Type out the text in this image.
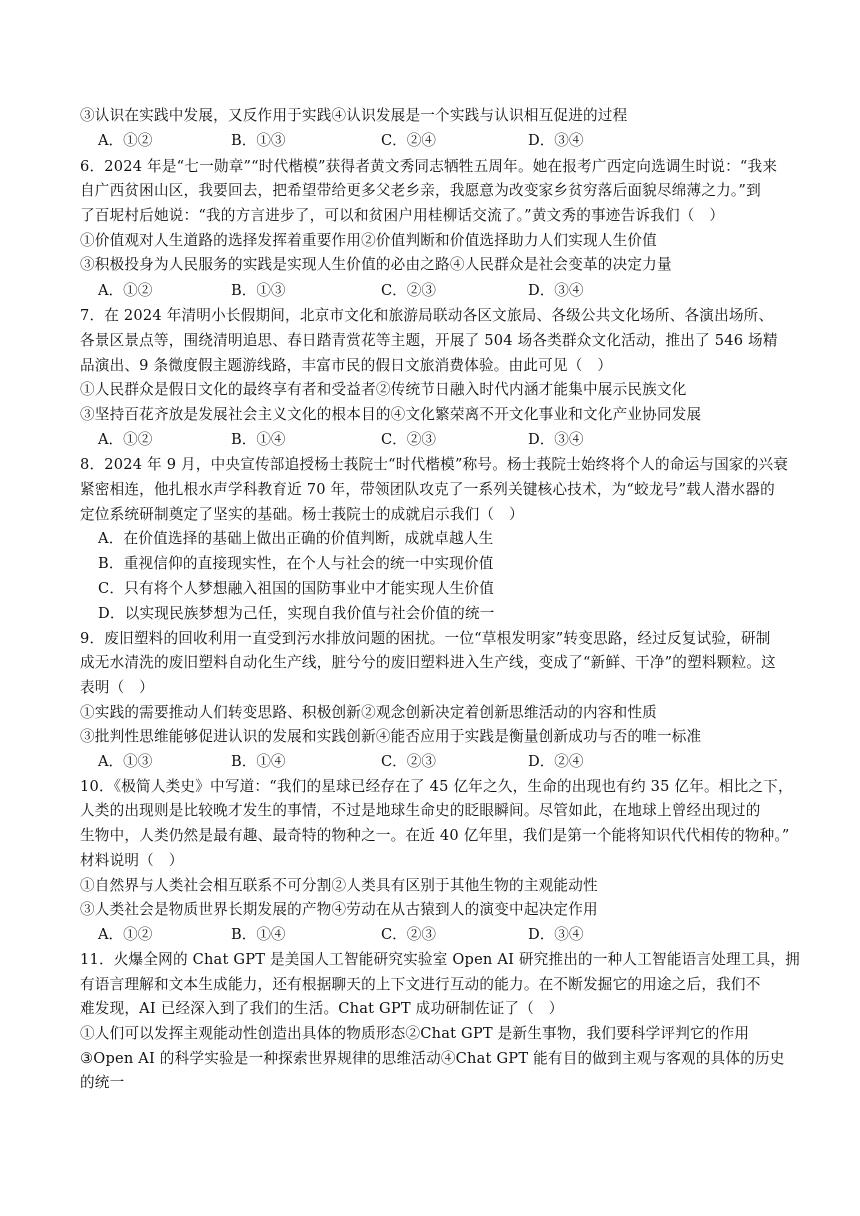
③认识在实践中发展，又反作用于实践④认识发展是一个实践与认识相互促进的过程
A．①②	B．①③	C．②④	D．③④
6．2024 年是“七一勋章”“时代楷模”获得者黄文秀同志牺牲五周年。她在报考广西定向选调生时说：“我来
自广西贫困山区，我要回去，把希望带给更多父老乡亲，我愿意为改变家乡贫穷落后面貌尽绵薄之力。”到
了百坭村后她说：“我的方言进步了，可以和贫困户用桂柳话交流了。”黄文秀的事迹告诉我们（　）
①价值观对人生道路的选择发挥着重要作用②价值判断和价值选择助力人们实现人生价值
③积极投身为人民服务的实践是实现人生价值的必由之路④人民群众是社会变革的决定力量
A．①②	B．①③	C．②③	D．③④
7．在 2024 年清明小长假期间，北京市文化和旅游局联动各区文旅局、各级公共文化场所、各演出场所、
各景区景点等，围绕清明追思、春日踏青赏花等主题，开展了 504 场各类群众文化活动，推出了 546 场精
品演出、9 条微度假主题游线路，丰富市民的假日文旅消费体验。由此可见（　）
①人民群众是假日文化的最终享有者和受益者②传统节日融入时代内涵才能集中展示民族文化
③坚持百花齐放是发展社会主义文化的根本目的④文化繁荣离不开文化事业和文化产业协同发展
A．①②	B．①④	C．②③	D．③④
8．2024 年 9 月，中央宣传部追授杨士莪院士“时代楷模”称号。杨士莪院士始终将个人的命运与国家的兴衰
紧密相连，他扎根水声学科教育近 70 年，带领团队攻克了一系列关键核心技术，为“蛟龙号”载人潜水器的
定位系统研制奠定了坚实的基础。杨士莪院士的成就启示我们（　）
A．在价值选择的基础上做出正确的价值判断，成就卓越人生
B．重视信仰的直接现实性，在个人与社会的统一中实现价值
C．只有将个人梦想融入祖国的国防事业中才能实现人生价值
D．以实现民族梦想为己任，实现自我价值与社会价值的统一
9．废旧塑料的回收利用一直受到污水排放问题的困扰。一位“草根发明家”转变思路，经过反复试验，研制
成无水清洗的废旧塑料自动化生产线，脏兮兮的废旧塑料进入生产线，变成了“新鲜、干净”的塑料颗粒。这
表明（　）
①实践的需要推动人们转变思路、积极创新②观念创新决定着创新思维活动的内容和性质
③批判性思维能够促进认识的发展和实践创新④能否应用于实践是衡量创新成功与否的唯一标准
A．①③	B．①④	C．②③	D．②④
10．《极简人类史》中写道：“我们的星球已经存在了 45 亿年之久，生命的出现也有约 35 亿年。相比之下，
人类的出现则是比较晚才发生的事情，不过是地球生命史的眨眼瞬间。尽管如此，在地球上曾经出现过的
生物中，人类仍然是最有趣、最奇特的物种之一。在近 40 亿年里，我们是第一个能将知识代代相传的物种。”
材料说明（　）
①自然界与人类社会相互联系不可分割②人类具有区别于其他生物的主观能动性
③人类社会是物质世界长期发展的产物④劳动在从古猿到人的演变中起决定作用
A．①②	B．①④	C．②③	D．③④
11．火爆全网的 Chat GPT 是美国人工智能研究实验室 Open AI 研究推出的一种人工智能语言处理工具，拥
有语言理解和文本生成能力，还有根据聊天的上下文进行互动的能力。在不断发掘它的用途之后，我们不
难发现，AI 已经深入到了我们的生活。Chat GPT 成功研制佐证了（　）
①人们可以发挥主观能动性创造出具体的物质形态②Chat GPT 是新生事物，我们要科学评判它的作用
③Open AI 的科学实验是一种探索世界规律的思维活动④Chat GPT 能有目的做到主观与客观的具体的历史
的统一
